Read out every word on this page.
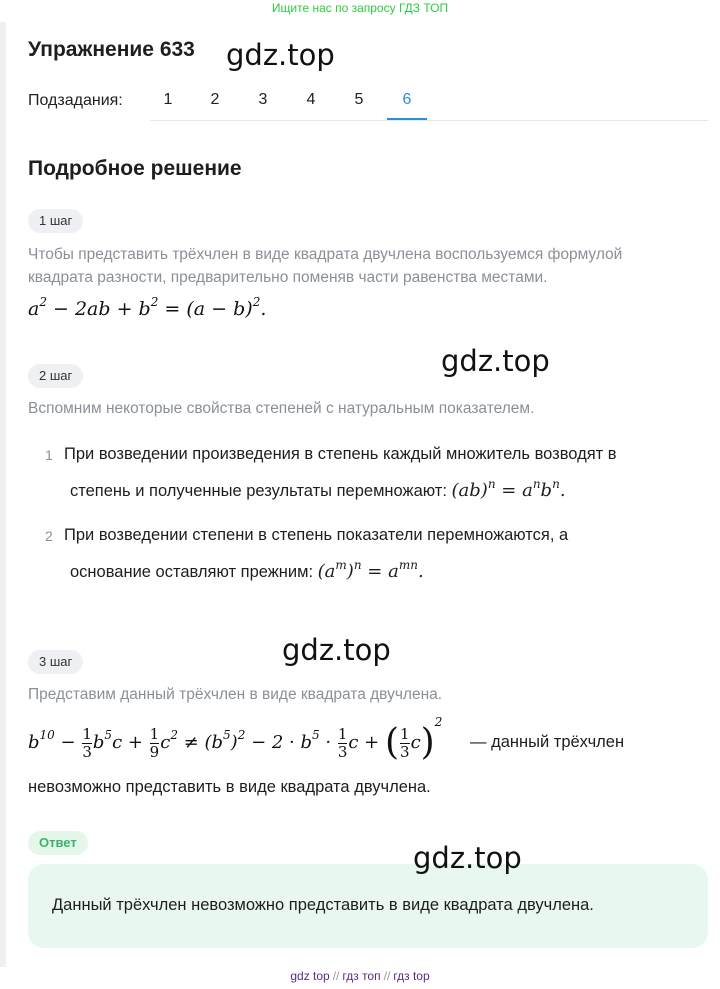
Ищите нас по запросу ГДЗ ТОП
Упражнение 633 gdz.top
Подзадания:	1	2	3	4	5	6
Подробное решение
1 шаг
Чтобы представить трёхчлен в виде квадрата двучлена воспользуемся формулой
квадрата разности, предварительно поменяв части равенства местами.
$a^2 - 2ab + b^2 = (a - b)^2$.
gdz.top
2 шаг
Вспомним некоторые свойства степеней с натуральным показателем.
1 При возведении произведения в степень каждый множитель возводят в
степень и полученные результаты перемножают: $(ab)^n = a^nb^n$.
2 При возведении степени в степень показатели перемножаются, а
основание оставляют прежним: $(a^m)^n = a^{mn}$.
gdz.top
3 шаг
Представим данный трёхчлен в виде квадрата двучлена.
$b^{10} - \frac{1}{3} b^5c + \frac{1}{9} c^2 \ne (b^5)^2 - 2 \cdot b^5 \cdot \frac{1}{3}$ c + ( $\frac{1}{3} c)^2$
— данный трёхчлен
невозможно представить в виде квадрата двучлена.
Ответ
Данный трёхчлен невозможно представить в виде квадрата двучлена.
gdz.top
gdz top // гдз топ // гдз top
